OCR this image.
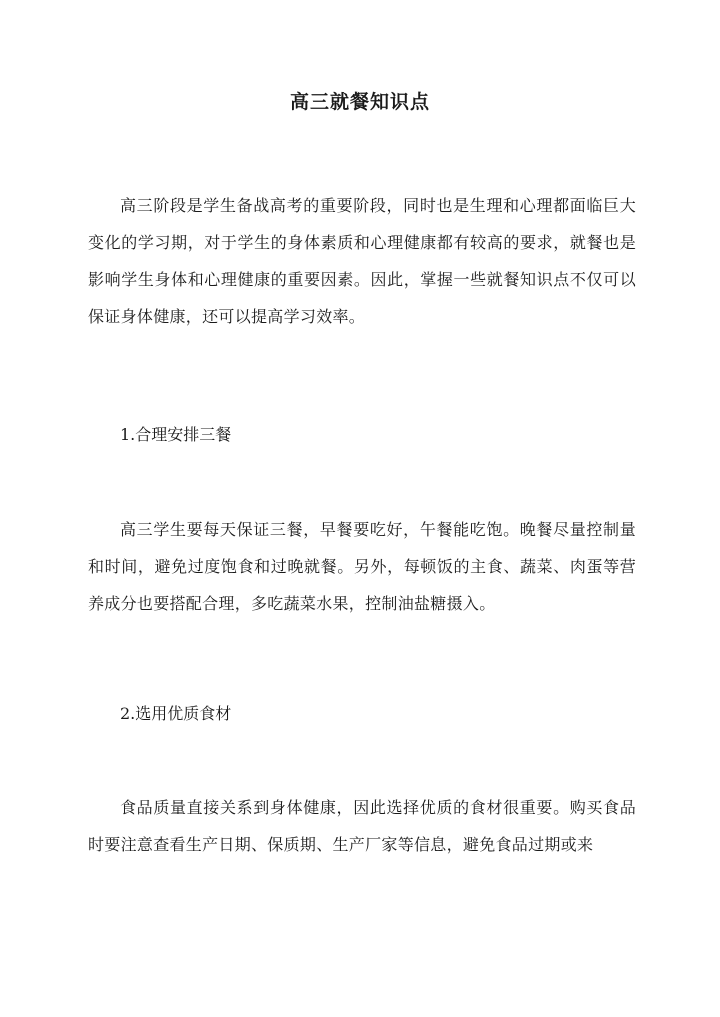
高三就餐知识点
高三阶段是学生备战高考的重要阶段，同时也是生理和心理都面临巨大变化的学习期，对于学生的身体素质和心理健康都有较高的要求，就餐也是影响学生身体和心理健康的重要因素。因此，掌握一些就餐知识点不仅可以保证身体健康，还可以提高学习效率。
1.合理安排三餐
高三学生要每天保证三餐，早餐要吃好，午餐能吃饱。晚餐尽量控制量和时间，避免过度饱食和过晚就餐。另外，每顿饭的主食、蔬菜、肉蛋等营养成分也要搭配合理，多吃蔬菜水果，控制油盐糖摄入。
2.选用优质食材
食品质量直接关系到身体健康，因此选择优质的食材很重要。购买食品时要注意查看生产日期、保质期、生产厂家等信息，避免食品过期或来
